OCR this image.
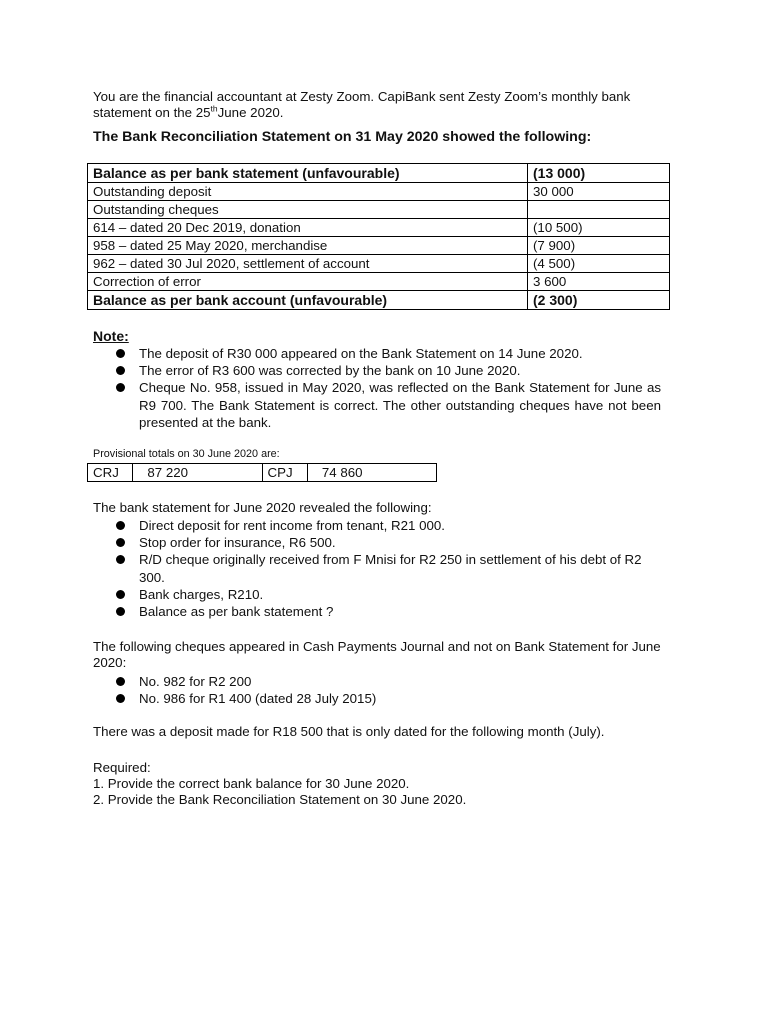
You are the financial accountant at Zesty Zoom. CapiBank sent Zesty Zoom’s monthly bank statement on the 25thJune 2020.
The Bank Reconciliation Statement on 31 May 2020 showed the following:
Balance as per bank statement (unfavourable)	(13 000)
Outstanding deposit	30 000
Outstanding cheques	
614 – dated 20 Dec 2019, donation	(10 500)
958 – dated 25 May 2020, merchandise	(7 900)
962 – dated 30 Jul 2020, settlement of account	(4 500)
Correction of error	3 600
Balance as per bank account (unfavourable)	(2 300)
Note:
The deposit of R30 000 appeared on the Bank Statement on 14 June 2020.
The error of R3 600 was corrected by the bank on 10 June 2020.
Cheque No. 958, issued in May 2020, was reflected on the Bank Statement for June as R9 700. The Bank Statement is correct. The other outstanding cheques have not been presented at the bank.
Provisional totals on 30 June 2020 are:
CRJ	87 220	CPJ	74 860
The bank statement for June 2020 revealed the following:
Direct deposit for rent income from tenant, R21 000.
Stop order for insurance, R6 500.
R/D cheque originally received from F Mnisi for R2 250 in settlement of his debt of R2 300.
Bank charges, R210.
Balance as per bank statement ?
The following cheques appeared in Cash Payments Journal and not on Bank Statement for June 2020:
No. 982 for R2 200
No. 986 for R1 400 (dated 28 July 2015)
There was a deposit made for R18 500 that is only dated for the following month (July).
Required:
1. Provide the correct bank balance for 30 June 2020.
2. Provide the Bank Reconciliation Statement on 30 June 2020.
